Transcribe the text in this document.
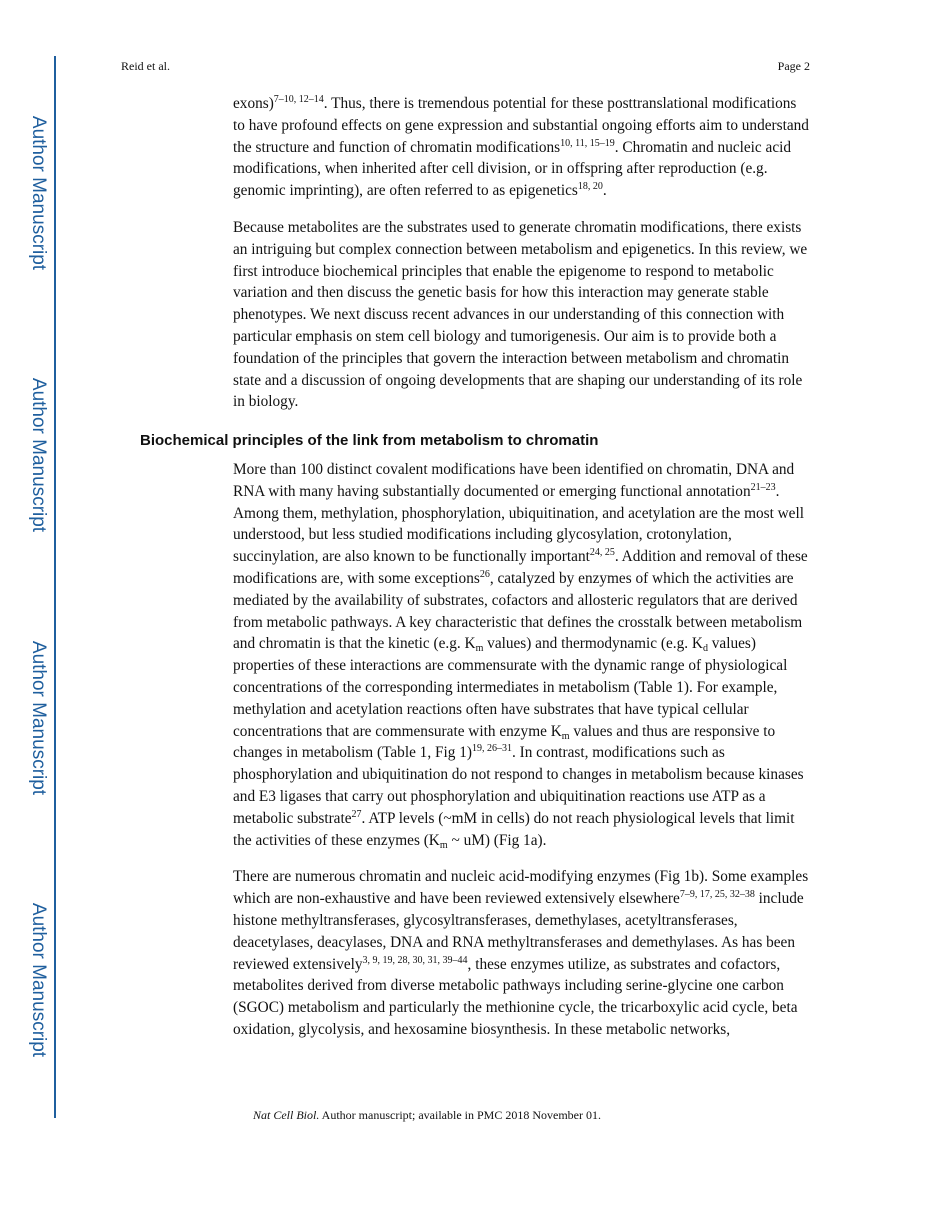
Author Manuscript
Author Manuscript
Author Manuscript
Author Manuscript
Reid et al.	Page 2

exons)$^{7-10, 12-14}$. Thus, there is tremendous potential for these posttranslational modifications to have profound effects on gene expression and substantial ongoing efforts aim to understand the structure and function of chromatin modifications$^{10, 11, 15-19}$. Chromatin and nucleic acid modifications, when inherited after cell division, or in offspring after reproduction (e.g. genomic imprinting), are often referred to as epigenetics$^{18, 20}$.

Because metabolites are the substrates used to generate chromatin modifications, there exists an intriguing but complex connection between metabolism and epigenetics. In this review, we first introduce biochemical principles that enable the epigenome to respond to metabolic variation and then discuss the genetic basis for how this interaction may generate stable phenotypes. We next discuss recent advances in our understanding of this connection with particular emphasis on stem cell biology and tumorigenesis. Our aim is to provide both a foundation of the principles that govern the interaction between metabolism and chromatin state and a discussion of ongoing developments that are shaping our understanding of its role in biology.

Biochemical principles of the link from metabolism to chromatin

More than 100 distinct covalent modifications have been identified on chromatin, DNA and RNA with many having substantially documented or emerging functional annotation$^{21-23}$. Among them, methylation, phosphorylation, ubiquitination, and acetylation are the most well understood, but less studied modifications including glycosylation, crotonylation, succinylation, are also known to be functionally important$^{24, 25}$. Addition and removal of these modifications are, with some exceptions$^{26}$, catalyzed by enzymes of which the activities are mediated by the availability of substrates, cofactors and allosteric regulators that are derived from metabolic pathways. A key characteristic that defines the crosstalk between metabolism and chromatin is that the kinetic (e.g. $K_m$ values) and thermodynamic (e.g. $K_d$ values) properties of these interactions are commensurate with the dynamic range of physiological concentrations of the corresponding intermediates in metabolism (Table 1). For example, methylation and acetylation reactions often have substrates that have typical cellular concentrations that are commensurate with enzyme $K_m$ values and thus are responsive to changes in metabolism (Table 1, Fig 1)$^{19, 26-31}$. In contrast, modifications such as phosphorylation and ubiquitination do not respond to changes in metabolism because kinases and E3 ligases that carry out phosphorylation and ubiquitination reactions use ATP as a metabolic substrate$^{27}$. ATP levels (~mM in cells) do not reach physiological levels that limit the activities of these enzymes ($K_m$ ~ uM) (Fig 1a).

There are numerous chromatin and nucleic acid-modifying enzymes (Fig 1b). Some examples which are non-exhaustive and have been reviewed extensively elsewhere$^{7-9, 17, 25, 32-38}$ include histone methyltransferases, glycosyltransferases, demethylases, acetyltransferases, deacetylases, deacylases, DNA and RNA methyltransferases and demethylases. As has been reviewed extensively$^{3, 9, 19, 28, 30, 31, 39-44}$, these enzymes utilize, as substrates and cofactors, metabolites derived from diverse metabolic pathways including serine-glycine one carbon (SGOC) metabolism and particularly the methionine cycle, the tricarboxylic acid cycle, beta oxidation, glycolysis, and hexosamine biosynthesis. In these metabolic networks,

Nat Cell Biol. Author manuscript; available in PMC 2018 November 01.
